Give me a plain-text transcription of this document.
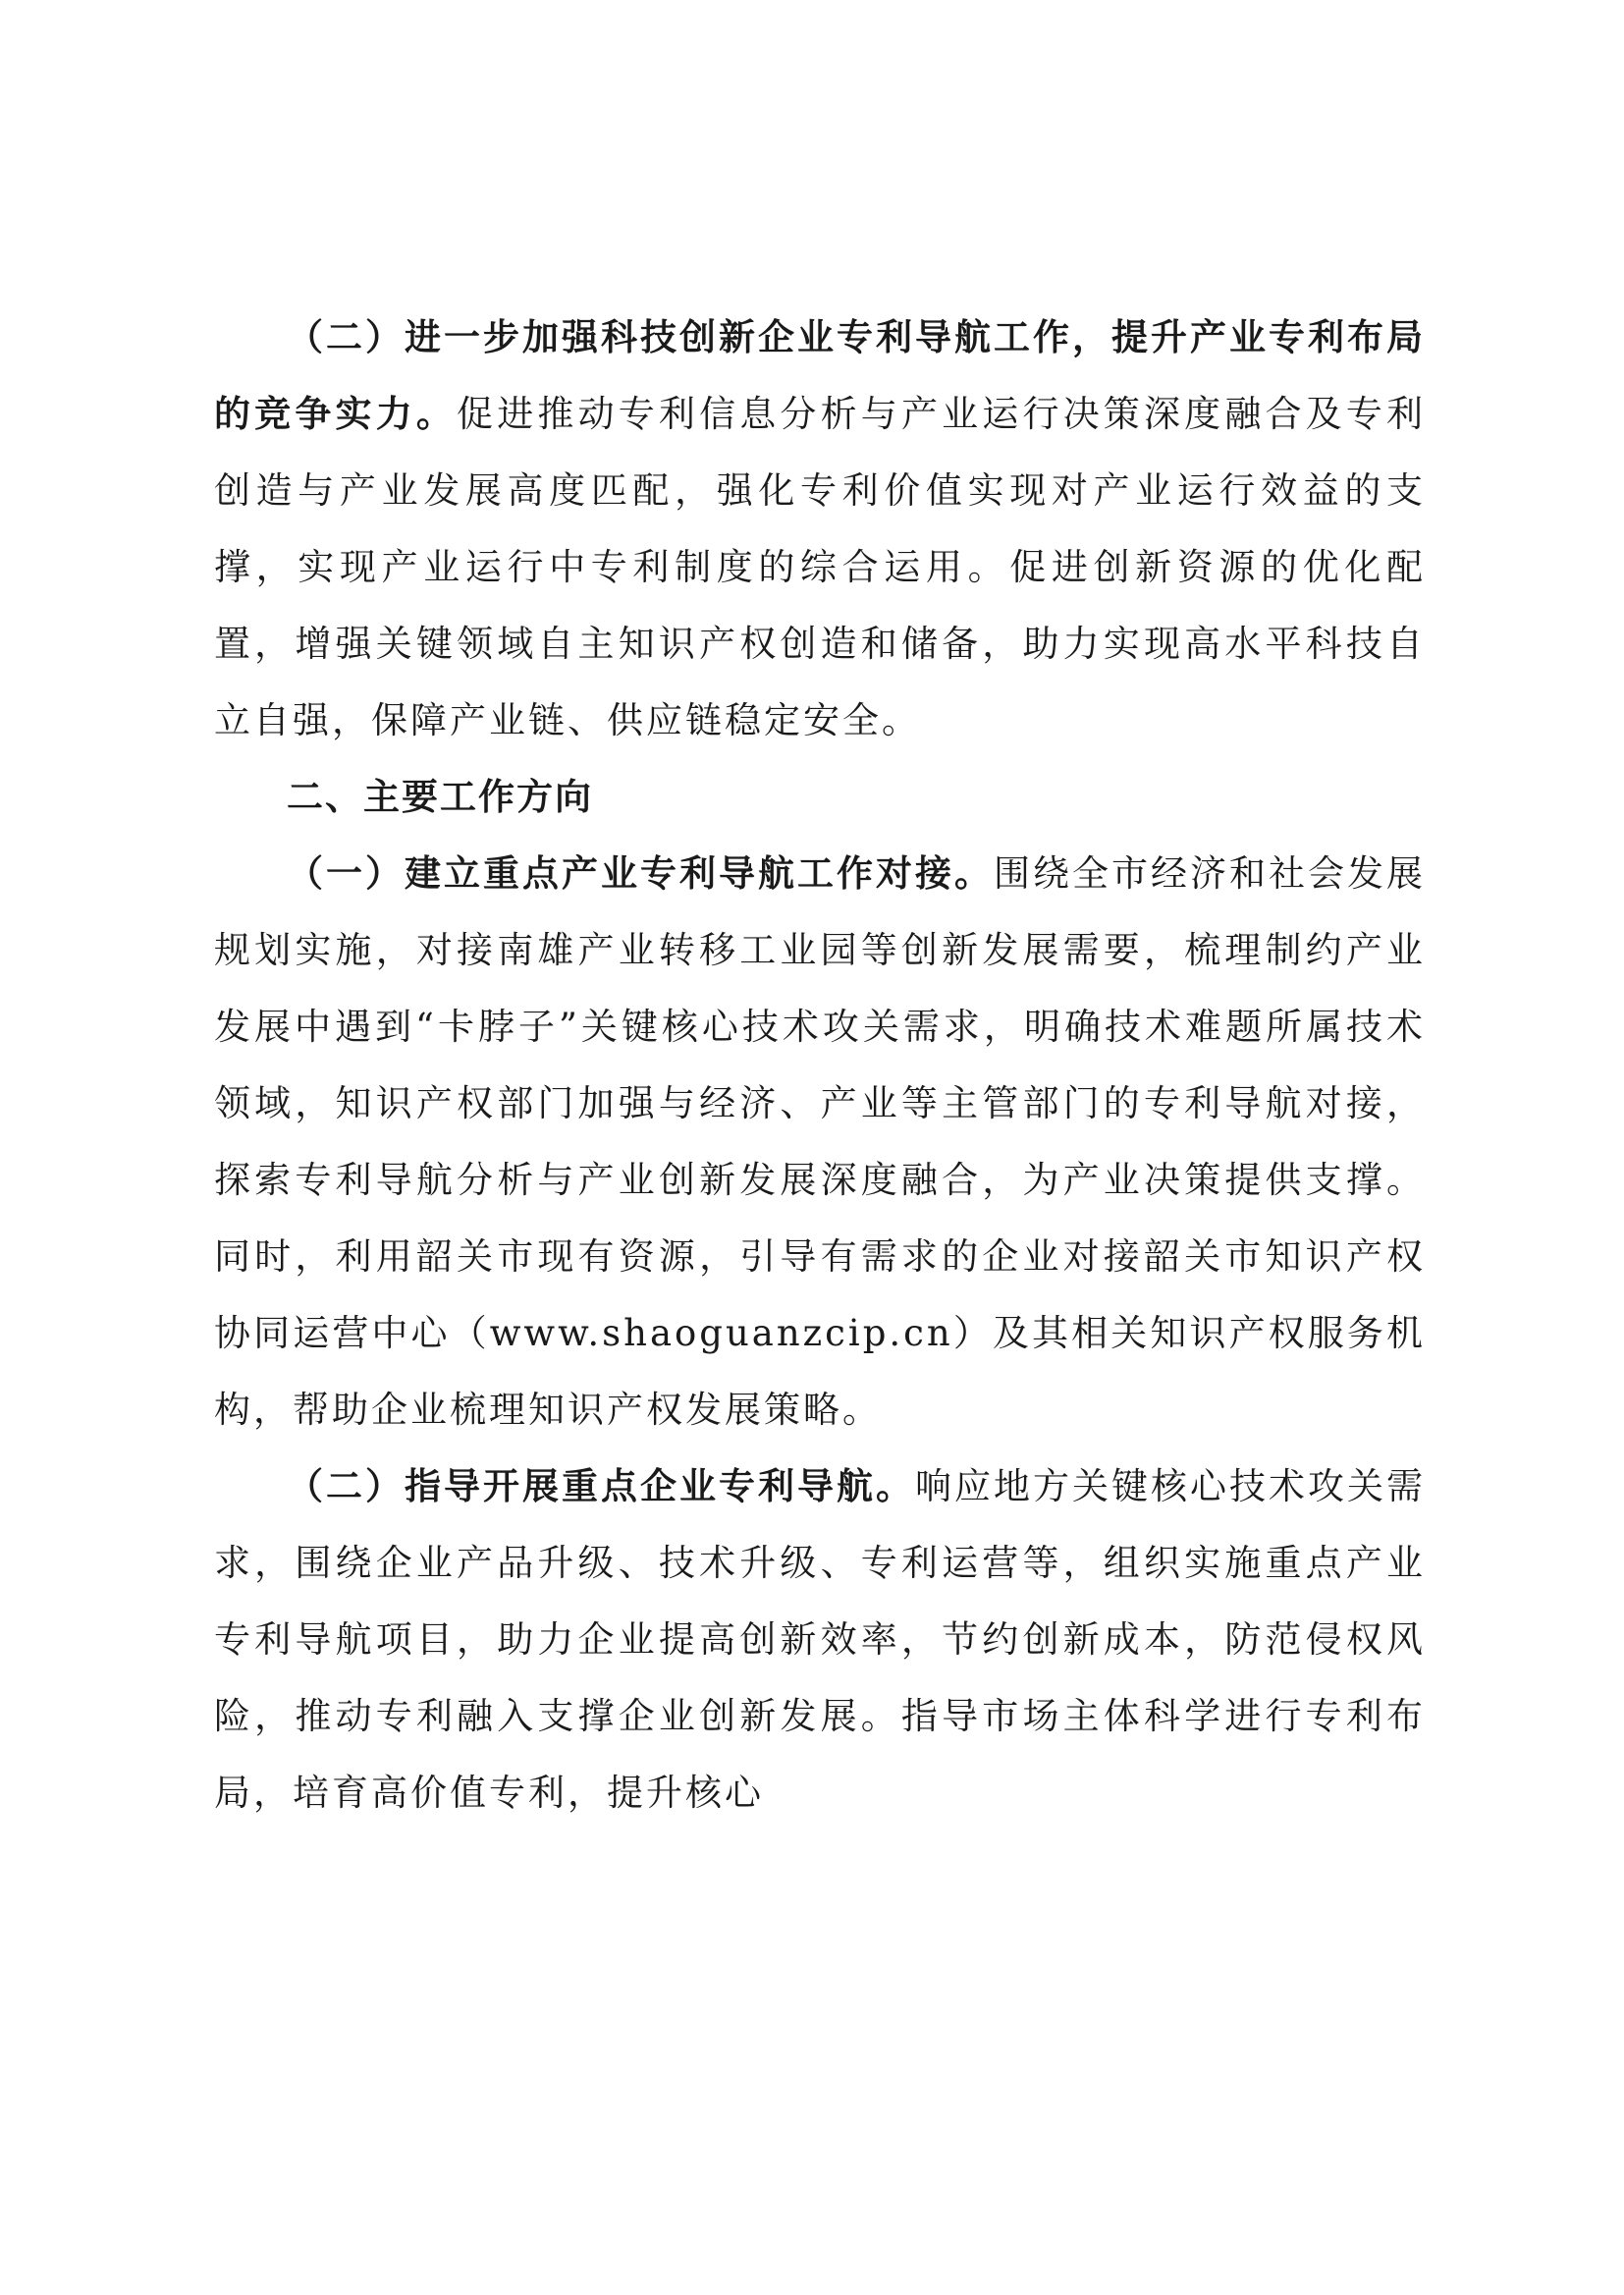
（二）进一步加强科技创新企业专利导航工作，提升产业专利布局的竞争实力。促进推动专利信息分析与产业运行决策深度融合及专利创造与产业发展高度匹配，强化专利价值实现对产业运行效益的支撑，实现产业运行中专利制度的综合运用。促进创新资源的优化配置，增强关键领域自主知识产权创造和储备，助力实现高水平科技自立自强，保障产业链、供应链稳定安全。

二、主要工作方向

（一）建立重点产业专利导航工作对接。围绕全市经济和社会发展规划实施，对接南雄产业转移工业园等创新发展需要，梳理制约产业发展中遇到“卡脖子”关键核心技术攻关需求，明确技术难题所属技术领域，知识产权部门加强与经济、产业等主管部门的专利导航对接，探索专利导航分析与产业创新发展深度融合，为产业决策提供支撑。同时，利用韶关市现有资源，引导有需求的企业对接韶关市知识产权协同运营中心（www.shaoguanzcip.cn）及其相关知识产权服务机构，帮助企业梳理知识产权发展策略。

（二）指导开展重点企业专利导航。响应地方关键核心技术攻关需求，围绕企业产品升级、技术升级、专利运营等，组织实施重点产业专利导航项目，助力企业提高创新效率，节约创新成本，防范侵权风险，推动专利融入支撑企业创新发展。指导市场主体科学进行专利布局，培育高价值专利，提升核心
